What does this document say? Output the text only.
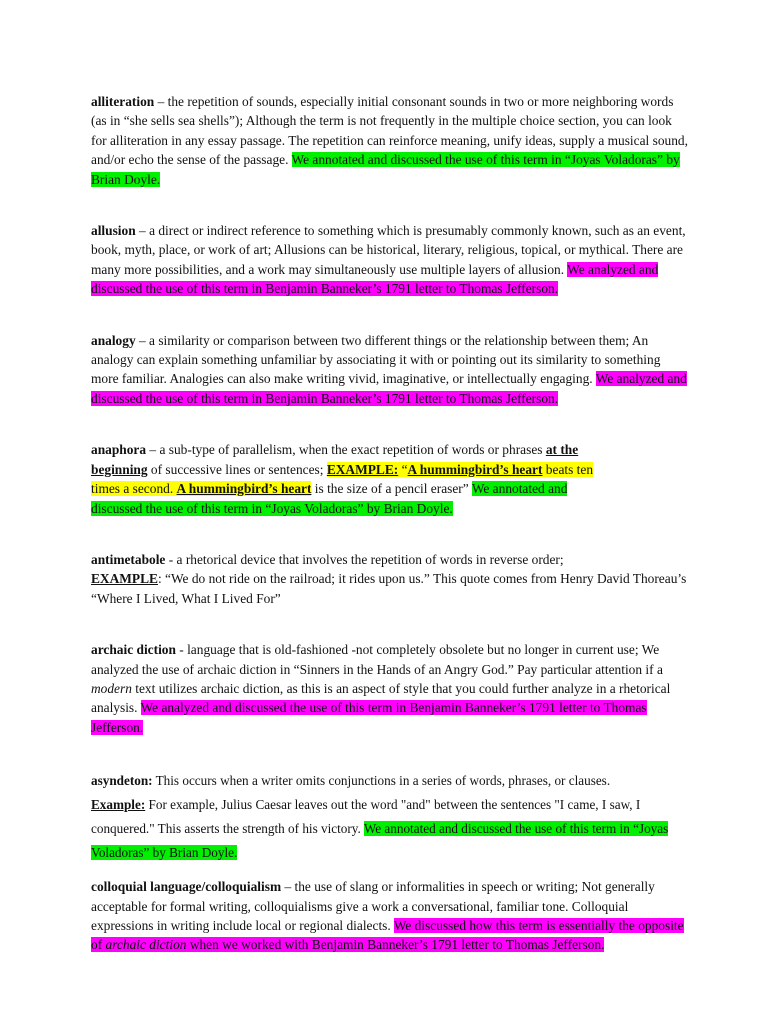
alliteration – the repetition of sounds, especially initial consonant sounds in two or more neighboring words (as in “she sells sea shells”); Although the term is not frequently in the multiple choice section, you can look for alliteration in any essay passage. The repetition can reinforce meaning, unify ideas, supply a musical sound, and/or echo the sense of the passage. We annotated and discussed the use of this term in “Joyas Voladoras” by Brian Doyle.

allusion – a direct or indirect reference to something which is presumably commonly known, such as an event, book, myth, place, or work of art; Allusions can be historical, literary, religious, topical, or mythical. There are many more possibilities, and a work may simultaneously use multiple layers of allusion. We analyzed and discussed the use of this term in Benjamin Banneker’s 1791 letter to Thomas Jefferson.

analogy – a similarity or comparison between two different things or the relationship between them; An analogy can explain something unfamiliar by associating it with or pointing out its similarity to something more familiar. Analogies can also make writing vivid, imaginative, or intellectually engaging. We analyzed and discussed the use of this term in Benjamin Banneker’s 1791 letter to Thomas Jefferson.

anaphora – a sub-type of parallelism, when the exact repetition of words or phrases at the beginning of successive lines or sentences; EXAMPLE: “A hummingbird’s heart beats ten times a second. A hummingbird’s heart is the size of a pencil eraser” We annotated and discussed the use of this term in “Joyas Voladoras” by Brian Doyle.

antimetabole - a rhetorical device that involves the repetition of words in reverse order;
EXAMPLE: “We do not ride on the railroad; it rides upon us.” This quote comes from Henry David Thoreau’s “Where I Lived, What I Lived For”

archaic diction - language that is old-fashioned -not completely obsolete but no longer in current use; We analyzed the use of archaic diction in “Sinners in the Hands of an Angry God.” Pay particular attention if a modern text utilizes archaic diction, as this is an aspect of style that you could further analyze in a rhetorical analysis. We analyzed and discussed the use of this term in Benjamin Banneker’s 1791 letter to Thomas Jefferson.

asyndeton: This occurs when a writer omits conjunctions in a series of words, phrases, or clauses.
Example: For example, Julius Caesar leaves out the word "and" between the sentences "I came, I saw, I conquered." This asserts the strength of his victory. We annotated and discussed the use of this term in “Joyas Voladoras” by Brian Doyle.

colloquial language/colloquialism – the use of slang or informalities in speech or writing; Not generally acceptable for formal writing, colloquialisms give a work a conversational, familiar tone. Colloquial expressions in writing include local or regional dialects. We discussed how this term is essentially the opposite of archaic diction when we worked with Benjamin Banneker’s 1791 letter to Thomas Jefferson.
